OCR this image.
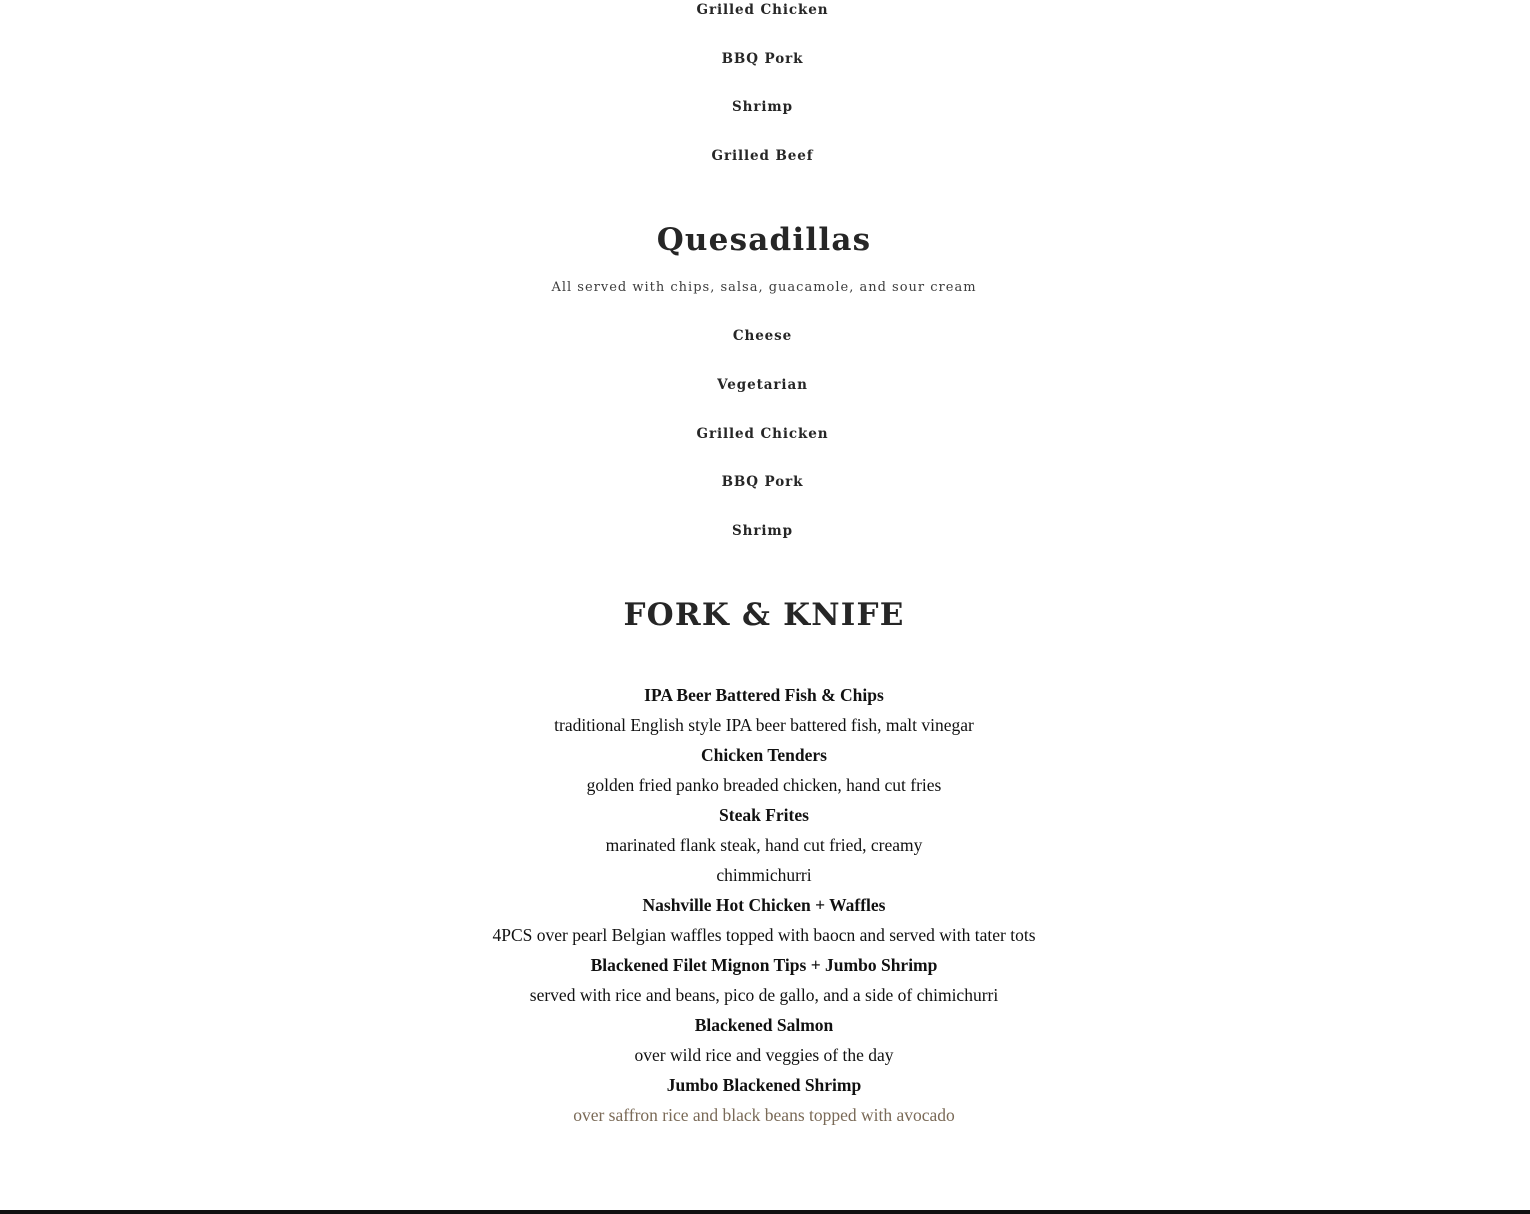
Grilled Chicken
BBQ Pork
Shrimp
Grilled Beef
Quesadillas
All served with chips, salsa, guacamole, and sour cream
Cheese
Vegetarian
Grilled Chicken
BBQ Pork
Shrimp
FORK & KNIFE
IPA Beer Battered Fish & Chips
traditional English style IPA beer battered fish, malt vinegar
Chicken Tenders
golden fried panko breaded chicken, hand cut fries
Steak Frites
marinated flank steak, hand cut fried, creamy
chimmichurri
Nashville Hot Chicken + Waffles
4PCS over pearl Belgian waffles topped with baocn and served with tater tots
Blackened Filet Mignon Tips + Jumbo Shrimp
served with rice and beans, pico de gallo, and a side of chimichurri
Blackened Salmon
over wild rice and veggies of the day
Jumbo Blackened Shrimp
over saffron rice and black beans topped with avocado
